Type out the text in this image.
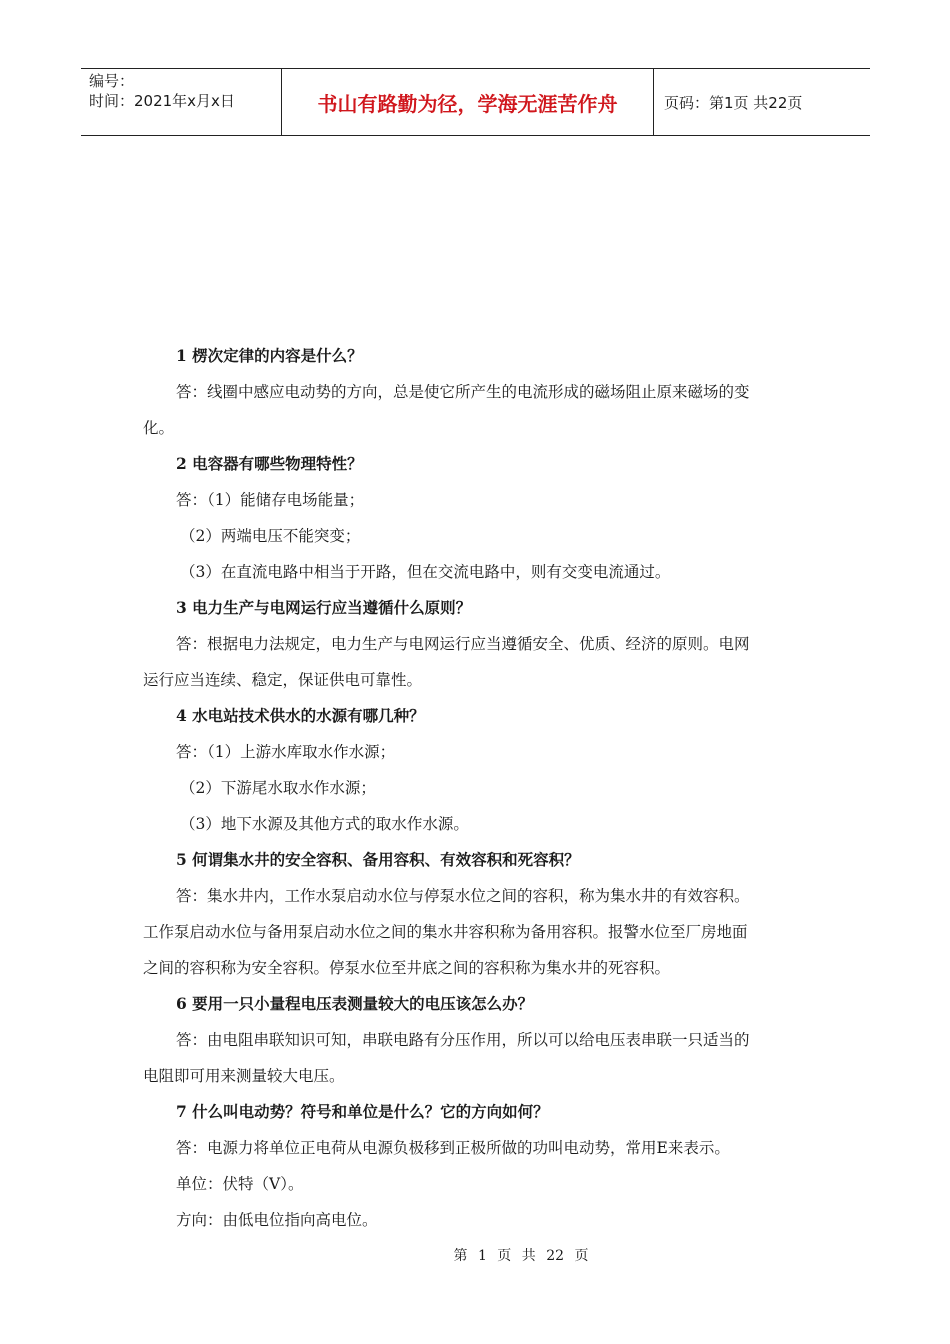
编号：
时间：2021年x月x日	书山有路勤为径，学海无涯苦作舟	页码：第1页 共22页
1 楞次定律的内容是什么？
答：线圈中感应电动势的方向，总是使它所产生的电流形成的磁场阻止原来磁场的变
化。
2 电容器有哪些物理特性？
答：（1）能储存电场能量；
（2）两端电压不能突变；
（3）在直流电路中相当于开路，但在交流电路中，则有交变电流通过。
3 电力生产与电网运行应当遵循什么原则？
答：根据电力法规定，电力生产与电网运行应当遵循安全、优质、经济的原则。电网
运行应当连续、稳定，保证供电可靠性。
4 水电站技术供水的水源有哪几种？
答：（1）上游水库取水作水源；
（2）下游尾水取水作水源；
（3）地下水源及其他方式的取水作水源。
5 何谓集水井的安全容积、备用容积、有效容积和死容积？
答：集水井内，工作水泵启动水位与停泵水位之间的容积，称为集水井的有效容积。
工作泵启动水位与备用泵启动水位之间的集水井容积称为备用容积。报警水位至厂房地面
之间的容积称为安全容积。停泵水位至井底之间的容积称为集水井的死容积。
6 要用一只小量程电压表测量较大的电压该怎么办？
答：由电阻串联知识可知，串联电路有分压作用，所以可以给电压表串联一只适当的
电阻即可用来测量较大电压。
7 什么叫电动势？符号和单位是什么？它的方向如何？
答：电源力将单位正电荷从电源负极移到正极所做的功叫电动势，常用E来表示。
单位：伏特（V）。
方向：由低电位指向高电位。
第 1 页 共 22 页
